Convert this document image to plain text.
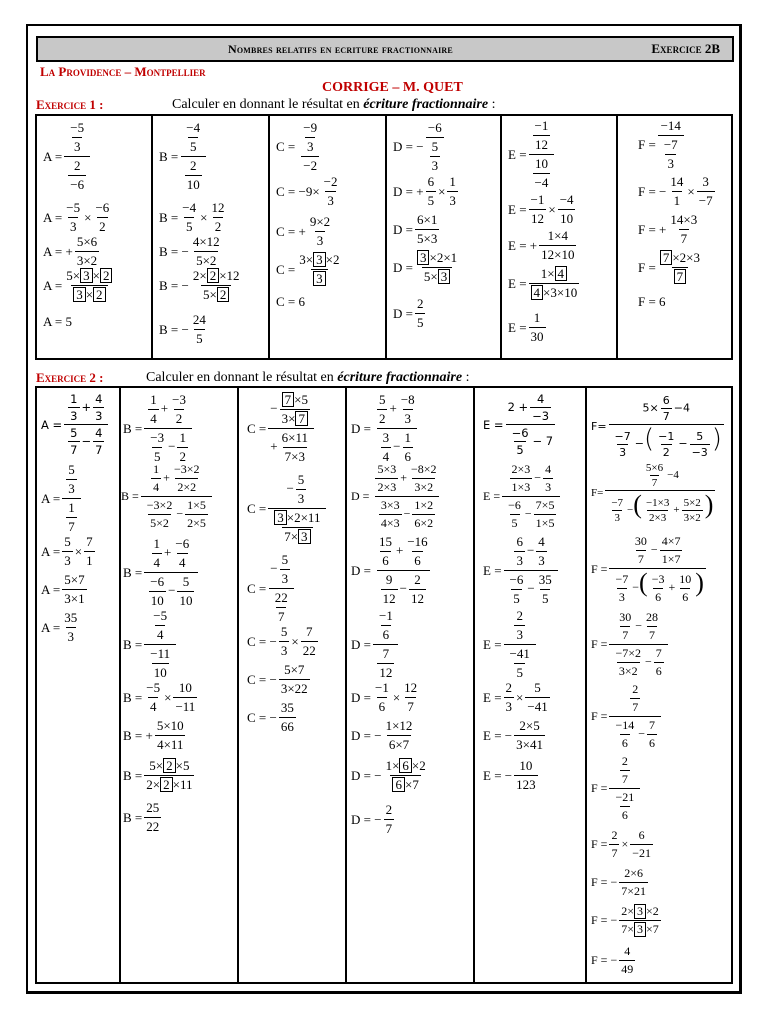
Nombres relatifs en ecriture fractionnaire	Exercice 2B
La Providence – Montpellier
CORRIGE – M. QUET
Exercice 1 :	Calculer en donnant le résultat en écriture fractionnaire :
$A = \frac{\frac{-5}{3}}{\frac{2}{-6}}$
$A = \frac{-5}{3} \times \frac{-6}{2}$
A = + $\frac{5\times 6}{3\times 2}$
$A = \frac{5\times 3 \times 2}{3 \times 2}$
A = 5
$B = \frac{\frac{-4}{5}}{\frac{2}{10}}$
$B = \frac{-4}{5} \times \frac{12}{2}$
B = − $\frac{4\times 12}{5\times 2}$
B = − $\frac{2\times 2 \times 12}{5\times 2}$
B = − $\frac{24}{5}$
$C = \frac{\frac{-9}{3}}{-2}$
$C = -9\times \frac{-2}{3}$
C = + $\frac{9\times 2}{3}$
$C = \frac{3\times 3 \times 2}{3}$
C = 6
D = − $\frac{-6}{\frac{5}{3}}$
D = + $\frac{6}{5} \times \frac{1}{3}$
$D = \frac{6\times 1}{5\times 3}$
$D = \frac{3 \times 2\times 1}{5\times 3}$
$D = \frac{2}{5}$
$E = \frac{\frac{-1}{12}}{\frac{10}{-4}}$
$E = \frac{-1}{12} \times \frac{-4}{10}$
E = + $\frac{1\times 4}{12\times 10}$
$E = \frac{1\times 4}{4 \times 3\times 10}$
$E = \frac{1}{30}$
$F = \frac{-14}{\frac{-7}{3}}$
F = − $\frac{14}{1} \times \frac{3}{-7}$
F = + $\frac{14\times 3}{7}$
$F = \frac{7 \times 2\times 3}{7}$
F = 6
Exercice 2 :	Calculer en donnant le résultat en écriture fractionnaire :
$A = \frac{\frac{1}{3} + \frac{4}{3}}{\frac{5}{7} - \frac{4}{7}}$
$A = \frac{\frac{5}{3}}{\frac{1}{7}}$
$A = \frac{5}{3} \times \frac{7}{1}$
$A = \frac{5\times 7}{3\times 1}$
$A = \frac{35}{3}$
$B = \frac{\frac{1}{4} + \frac{-3}{2}}{\frac{-3}{5} - \frac{1}{2}}$
$B = \frac{\frac{1}{4} + \frac{-3\times 2}{2\times 2}}{\frac{-3\times 2}{5\times 2} - \frac{1\times 5}{2\times 5}}$
$B = \frac{\frac{1}{4} + \frac{-6}{4}}{\frac{-6}{10} - \frac{5}{10}}$
$B = \frac{\frac{-5}{4}}{\frac{-11}{10}}$
$B = \frac{-5}{4} \times \frac{10}{-11}$
B = + $\frac{5\times 10}{4\times 11}$
$B = \frac{5\times 2 \times 5}{2\times 2 \times 11}$
$B = \frac{25}{22}$
$C = \frac{- \frac{7 \times 5}{3\times 7}}{+ \frac{6\times 11}{7\times 3}}$
$C = \frac{- \frac{5}{3}}{\frac{3 \times 2\times 11}{7\times 3}}$
$C = \frac{- \frac{5}{3}}{\frac{22}{7}}$
C = − $\frac{5}{3} \times \frac{7}{22}$
C = − $\frac{5\times 7}{3\times 22}$
C = − $\frac{35}{66}$
$D = \frac{\frac{5}{2} + \frac{-8}{3}}{\frac{3}{4} - \frac{1}{6}}$
$D = \frac{\frac{5\times 3}{2\times 3} + \frac{-8\times 2}{3\times 2}}{\frac{3\times 3}{4\times 3} - \frac{1\times 2}{6\times 2}}$
$D = \frac{\frac{15}{6} + \frac{-16}{6}}{\frac{9}{12} - \frac{2}{12}}$
$D = \frac{\frac{-1}{6}}{\frac{7}{12}}$
$D = \frac{-1}{6} \times \frac{12}{7}$
D = − $\frac{1\times 12}{6\times 7}$
D = − $\frac{1\times 6 \times 2}{6 \times 7}$
D = − $\frac{2}{7}$
$E = \frac{2 + \frac{4}{-3}}{\frac{-6}{5} - 7}$
$E = \frac{\frac{2\times 3}{1\times 3} - \frac{4}{3}}{\frac{-6}{5} - \frac{7\times 5}{1\times 5}}$
$E = \frac{\frac{6}{3} - \frac{4}{3}}{\frac{-6}{5} - \frac{35}{5}}$
$E = \frac{\frac{2}{3}}{\frac{-41}{5}}$
$E = \frac{2}{3} \times \frac{5}{-41}$
E = − $\frac{2\times 5}{3\times 41}$
E = − $\frac{10}{123}$
$F= \frac{5\times \frac{6}{7} -4}{\frac{-7}{3} -( \frac{-1}{2} - \frac{5}{-3} )}$
$F= \frac{\frac{5\times 6}{7} -4}{\frac{-7}{3} -( \frac{-1\times 3}{2\times 3} + \frac{5\times 2}{3\times 2} )}$
$F = \frac{\frac{30}{7} - \frac{4\times 7}{1\times 7}}{\frac{-7}{3} -( \frac{-3}{6} + \frac{10}{6} )}$
$F = \frac{\frac{30}{7} - \frac{28}{7}}{\frac{-7\times 2}{3\times 2} - \frac{7}{6}}$
$F = \frac{\frac{2}{7}}{\frac{-14}{6} - \frac{7}{6}}$
$F = \frac{\frac{2}{7}}{\frac{-21}{6}}$
$F = \frac{2}{7} \times \frac{6}{-21}$
F = − $\frac{2\times 6}{7\times 21}$
F = − $\frac{2\times 3 \times 2}{7\times 3 \times 7}$
F = − $\frac{4}{49}$
